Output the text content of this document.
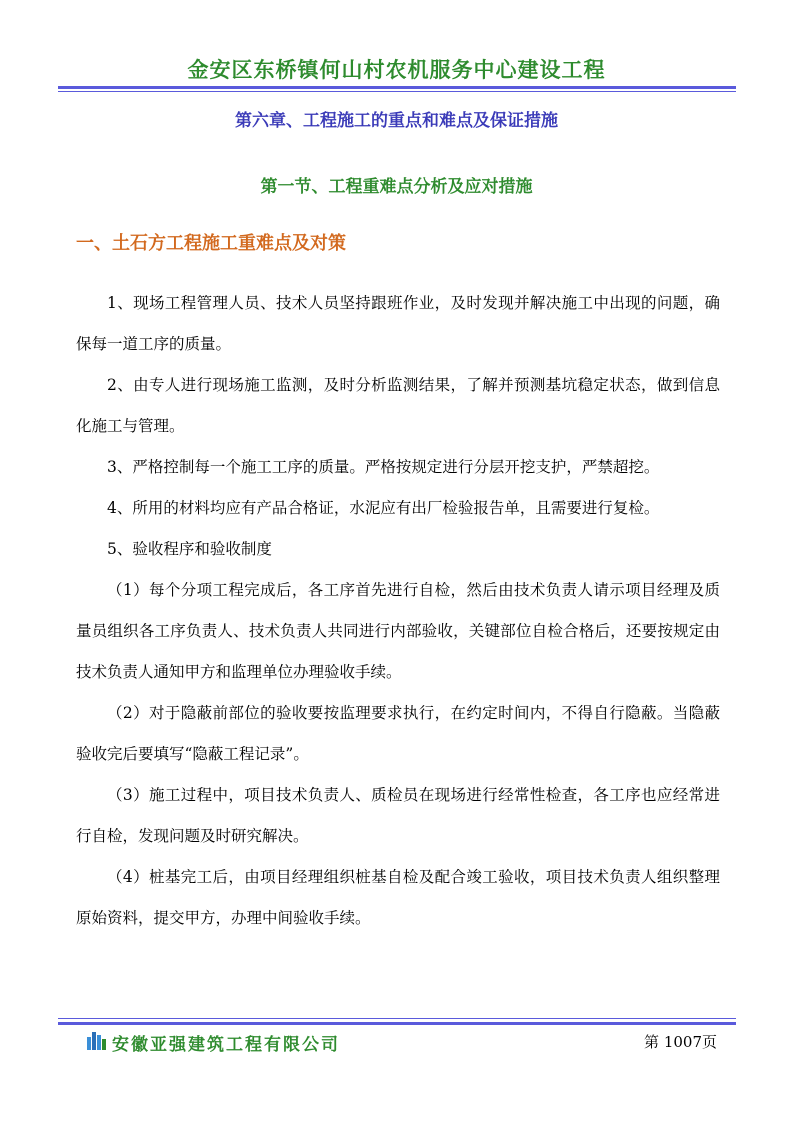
金安区东桥镇何山村农机服务中心建设工程
第六章、工程施工的重点和难点及保证措施
第一节、工程重难点分析及应对措施
一、土石方工程施工重难点及对策

1、现场工程管理人员、技术人员坚持跟班作业，及时发现并解决施工中出现的问题，确保每一道工序的质量。

2、由专人进行现场施工监测，及时分析监测结果，了解并预测基坑稳定状态，做到信息化施工与管理。

3、严格控制每一个施工工序的质量。严格按规定进行分层开挖支护，严禁超挖。

4、所用的材料均应有产品合格证，水泥应有出厂检验报告单，且需要进行复检。

5、验收程序和验收制度

（1）每个分项工程完成后，各工序首先进行自检，然后由技术负责人请示项目经理及质量员组织各工序负责人、技术负责人共同进行内部验收，关键部位自检合格后，还要按规定由技术负责人通知甲方和监理单位办理验收手续。

（2）对于隐蔽前部位的验收要按监理要求执行，在约定时间内，不得自行隐蔽。当隐蔽验收完后要填写“隐蔽工程记录”。

（3）施工过程中，项目技术负责人、质检员在现场进行经常性检查，各工序也应经常进行自检，发现问题及时研究解决。

（4）桩基完工后，由项目经理组织桩基自检及配合竣工验收，项目技术负责人组织整理原始资料，提交甲方，办理中间验收手续。

安徽亚强建筑工程有限公司	第 1007页
